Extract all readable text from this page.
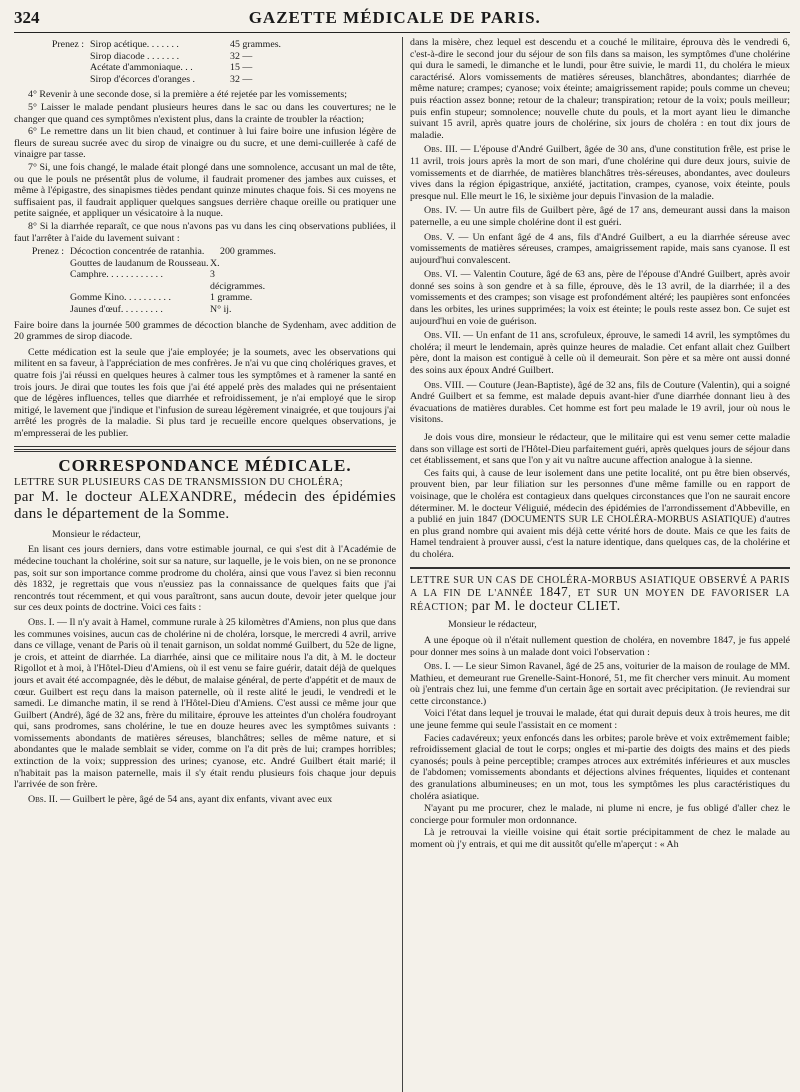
324	GAZETTE MÉDICALE DE PARIS.
Prenez : Sirop acétique. . . . . . .	45 grammes.
Sirop diacode . . . . . . .	32 —
Acétate d'ammoniaque. . .	15 —
Sirop d'écorces d'oranges .	32 —

4° Revenir à une seconde dose, si la première a été rejetée par les vomissements;

5° Laisser le malade pendant plusieurs heures dans le sac ou dans les couvertures; ne le changer que quand ces symptômes n'existent plus, dans la crainte de troubler la réaction;

6° Le remettre dans un lit bien chaud, et continuer à lui faire boire une infusion légère de fleurs de sureau sucrée avec du sirop de vinaigre ou du sucre, et une demi-cuillerée à café de vinaigre par tasse.

7° Si, une fois changé, le malade était plongé dans une somnolence, accusant un mal de tête, ou que le pouls ne présentât plus de volume, il faudrait promener des jambes aux cuisses, et même à l'épigastre, des sinapismes tièdes pendant quinze minutes chaque fois. Si ces moyens ne suffisaient pas, il faudrait appliquer quelques sangsues derrière chaque oreille ou pratiquer une petite saignée, et appliquer un vésicatoire à la nuque.

8° Si la diarrhée reparaît, ce que nous n'avons pas vu dans les cinq observations publiées, il faut l'arrêter à l'aide du lavement suivant :

Prenez : Décoction concentrée de ratanhia.	200 grammes.
Gouttes de laudanum de Rousseau. X.
Camphre. . . . . . . . . . . .	3 décigrammes.
Gomme Kino. . . . . . . . . .	1 gramme.
Jaunes d'œuf. . . . . . . . .	N° ij.

Faire boire dans la journée 500 grammes de décoction blanche de Sydenham, avec addition de 20 grammes de sirop diacode.

Cette médication est la seule que j'aie employée; je la soumets, avec les observations qui militent en sa faveur, à l'appréciation de mes confrères. Je n'ai vu que cinq cholériques graves, et quatre fois j'ai réussi en quelques heures à calmer tous les symptômes et à ramener la santé en trois jours. Je dirai que toutes les fois que j'ai été appelé près des malades qui ne présentaient que de légères influences, telles que diarrhée et refroidissement, je n'ai employé que le sirop mitigé, le lavement que j'indique et l'infusion de sureau légèrement vinaigrée, et que toujours j'ai arrêté les progrès de la maladie. Si plus tard je recueille encore quelques observations, je m'empresserai de les publier.

CORRESPONDANCE MÉDICALE.

LETTRE SUR PLUSIEURS CAS DE TRANSMISSION DU CHOLÉRA;
par M. le docteur ALEXANDRE, médecin des épidémies dans le département de la Somme.

Monsieur le rédacteur,

En lisant ces jours derniers, dans votre estimable journal, ce qui s'est dit à l'Académie de médecine touchant la cholérine, soit sur sa nature, sur laquelle, je le vois bien, on ne se prononce pas, soit sur son importance comme prodrome du choléra, ainsi que vous l'avez si bien reconnu dès 1832, je regrettais que vous n'eussiez pas la connaissance de quelques faits que j'ai rencontrés tout récemment, et qui vous paraîtront, sans aucun doute, devoir jeter quelque jour sur ces deux points de doctrine. Voici ces faits :

Obs. I. — Il n'y avait à Hamel, commune rurale à 25 kilomètres d'Amiens, non plus que dans les communes voisines, aucun cas de cholérine ni de choléra, lorsque, le mercredi 4 avril, arrive dans ce village, venant de Paris où il tenait garnison, un soldat nommé Guilbert, du 52e de ligne, je crois, et atteint de diarrhée. La diarrhée, ainsi que ce militaire nous l'a dit, à M. le docteur Rigollot et à moi, à l'Hôtel-Dieu d'Amiens, où il est venu se faire guérir, datait déjà de quelques jours et avait été accompagnée, dès le début, de malaise général, de perte d'appétit et de maux de cœur. Guilbert est reçu dans la maison paternelle, où il reste alité le jeudi, le vendredi et le samedi. Le dimanche matin, il se rend à l'Hôtel-Dieu d'Amiens. C'est aussi ce même jour que Guilbert (André), âgé de 32 ans, frère du militaire, éprouve les atteintes d'un choléra foudroyant qui, sans prodromes, sans cholérine, le tue en douze heures avec les symptômes suivants : vomissements abondants de matières séreuses, blanchâtres; selles de même nature, et si abondantes que le malade semblait se vider, comme on l'a dit près de lui; crampes horribles; extinction de la voix; suppression des urines; cyanose, etc. André Guilbert était marié; il n'habitait pas la maison paternelle, mais il s'y était rendu plusieurs fois chaque jour depuis l'arrivée de son frère.

Obs. II. — Guilbert le père, âgé de 54 ans, ayant dix enfants, vivant avec eux

dans la misère, chez lequel est descendu et a couché le militaire, éprouva dès le vendredi 6, c'est-à-dire le second jour du séjour de son fils dans sa maison, les symptômes d'une cholérine qui dura le samedi, le dimanche et le lundi, pour être suivie, le mardi 11, du choléra le mieux caractérisé. Alors vomissements de matières séreuses, blanchâtres, abondantes; diarrhée de même nature; crampes; cyanose; voix éteinte; amaigrissement rapide; pouls comme un cheveu; puis réaction assez bonne; retour de la chaleur; transpiration; retour de la voix; pouls meilleur; puis enfin stupeur; somnolence; nouvelle chute du pouls, et la mort ayant lieu le dimanche suivant 15 avril, après quatre jours de cholérine, six jours de choléra : en tout dix jours de maladie.

Obs. III. — L'épouse d'André Guilbert, âgée de 30 ans, d'une constitution frêle, est prise le 11 avril, trois jours après la mort de son mari, d'une cholérine qui dure deux jours, suivie de vomissements et de diarrhée, de matières blanchâtres très-séreuses, abondantes, avec douleurs vives dans la région épigastrique, anxiété, jactitation, crampes, cyanose, voix éteinte, pouls presque nul. Elle meurt le 16, le sixième jour depuis l'invasion de la maladie.

Obs. IV. — Un autre fils de Guilbert père, âgé de 17 ans, demeurant aussi dans la maison paternelle, a eu une simple cholérine dont il est guéri.

Obs. V. — Un enfant âgé de 4 ans, fils d'André Guilbert, a eu la diarrhée séreuse avec vomissements de matières séreuses, crampes, amaigrissement rapide, mais sans cyanose. Il est aujourd'hui convalescent.

Obs. VI. — Valentin Couture, âgé de 63 ans, père de l'épouse d'André Guilbert, après avoir donné ses soins à son gendre et à sa fille, éprouve, dès le 13 avril, de la diarrhée; il a des vomissements et des crampes; son visage est profondément altéré; les paupières sont enfoncées dans les orbites, les urines supprimées; la voix est éteinte; le pouls reste assez bon. Ce sujet est aujourd'hui en voie de guérison.

Obs. VII. — Un enfant de 11 ans, scrofuleux, éprouve, le samedi 14 avril, les symptômes du choléra; il meurt le lendemain, après quinze heures de maladie. Cet enfant allait chez Guilbert père, dont la maison est contiguë à celle où il demeurait. Son père et sa mère ont aussi donné des soins aux époux André Guilbert.

Obs. VIII. — Couture (Jean-Baptiste), âgé de 32 ans, fils de Couture (Valentin), qui a soigné André Guilbert et sa femme, est malade depuis avant-hier d'une diarrhée donnant lieu à des évacuations de matières durables. Cet homme est fort peu malade le 19 avril, jour où nous le visitons.

Je dois vous dire, monsieur le rédacteur, que le militaire qui est venu semer cette maladie dans son village est sorti de l'Hôtel-Dieu parfaitement guéri, après quelques jours de séjour dans cet établissement, et sans que l'on y ait vu naître aucune affection analogue à la sienne.

Ces faits qui, à cause de leur isolement dans une petite localité, ont pu être bien observés, prouvent bien, par leur filiation sur les personnes d'une même famille ou en rapport de voisinage, que le choléra est contagieux dans quelques circonstances que l'on ne saurait encore déterminer. M. le docteur Véliguié, médecin des épidémies de l'arrondissement d'Abbeville, en a publié en juin 1847 (DOCUMENTS SUR LE CHOLÉRA-MORBUS ASIATIQUE) d'autres en plus grand nombre qui avaient mis déjà cette vérité hors de doute. Mais ce que les faits de Hamel tendraient à prouver aussi, c'est la nature identique, dans quelques cas, de la cholérine et du choléra.

LETTRE SUR UN CAS DE CHOLÉRA-MORBUS ASIATIQUE OBSERVÉ A PARIS A LA FIN DE L'ANNÉE 1847, ET SUR UN MOYEN DE FAVORISER LA RÉACTION; par M. le docteur CLIET.

Monsieur le rédacteur,

A une époque où il n'était nullement question de choléra, en novembre 1847, je fus appelé pour donner mes soins à un malade dont voici l'observation :

Obs. I. — Le sieur Simon Ravanel, âgé de 25 ans, voiturier de la maison de roulage de MM. Mathieu, et demeurant rue Grenelle-Saint-Honoré, 51, me fit chercher vers minuit. Au moment où j'entrais chez lui, une femme d'un certain âge en sortait avec précipitation. (Je reviendrai sur cette circonstance.)

Voici l'état dans lequel je trouvai le malade, état qui durait depuis deux à trois heures, me dit une jeune femme qui seule l'assistait en ce moment :

Facies cadavéreux; yeux enfoncés dans les orbites; parole brève et voix extrêmement faible; refroidissement glacial de tout le corps; ongles et mi-partie des doigts des mains et des pieds cyanosés; pouls à peine perceptible; crampes atroces aux extrémités inférieures et aux muscles de l'abdomen; vomissements abondants et déjections alvines fréquentes, liquides et contenant des granulations albumineuses; en un mot, tous les symptômes les plus caractéristiques du choléra asiatique.

N'ayant pu me procurer, chez le malade, ni plume ni encre, je fus obligé d'aller chez le concierge pour formuler mon ordonnance.

Là je retrouvai la vieille voisine qui était sortie précipitamment de chez le malade au moment où j'y entrais, et qui me dit aussitôt qu'elle m'aperçut : « Ah
